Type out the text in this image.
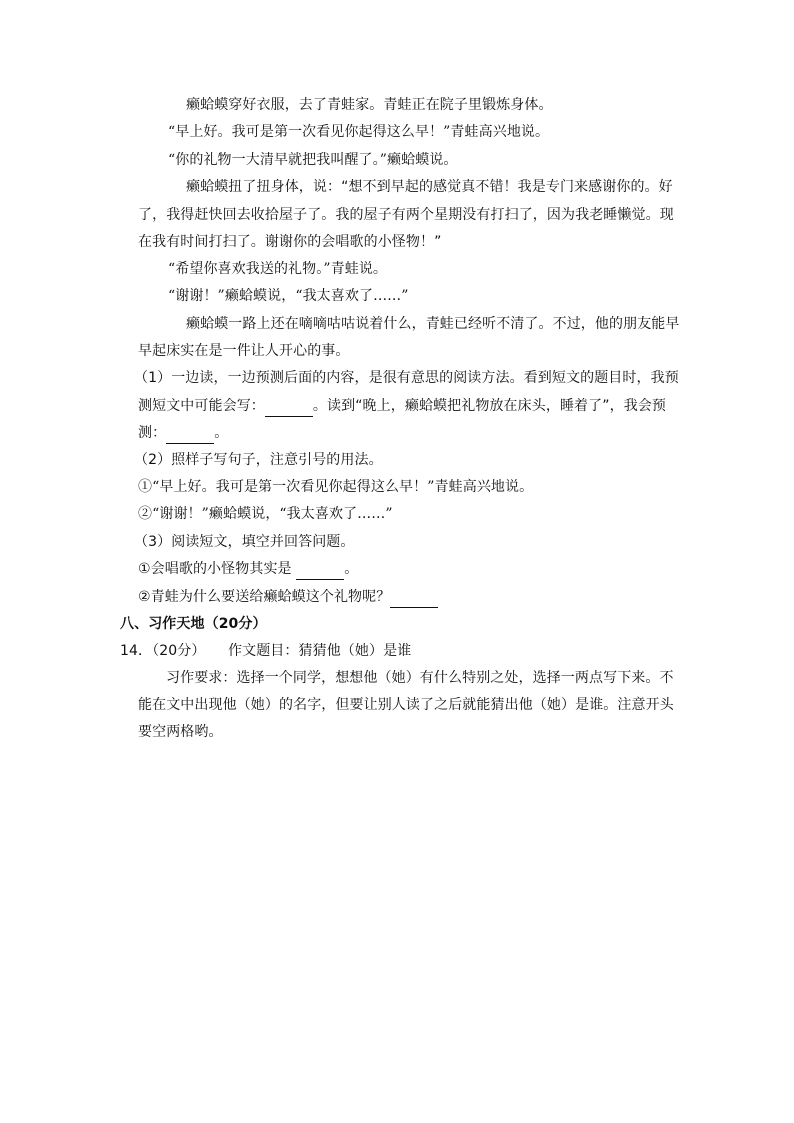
癞蛤蟆穿好衣服，去了青蛙家。青蛙正在院子里锻炼身体。
“早上好。我可是第一次看见你起得这么早！”青蛙高兴地说。
“你的礼物一大清早就把我叫醒了。”癞蛤蟆说。
癞蛤蟆扭了扭身体，说：“想不到早起的感觉真不错！我是专门来感谢你的。好
了，我得赶快回去收拾屋子了。我的屋子有两个星期没有打扫了，因为我老睡懒觉。现
在我有时间打扫了。谢谢你的会唱歌的小怪物！”
“希望你喜欢我送的礼物。”青蛙说。
“谢谢！”癞蛤蟆说，“我太喜欢了……”
癞蛤蟆一路上还在嘀嘀咕咕说着什么，青蛙已经听不清了。不过，他的朋友能早
早起床实在是一件让人开心的事。
（1）一边读，一边预测后面的内容，是很有意思的阅读方法。看到短文的题目时，我预
测短文中可能会写：	。读到“晚上，癞蛤蟆把礼物放在床头，睡着了”，我会预
测：	。
（2）照样子写句子，注意引号的用法。
①“早上好。我可是第一次看见你起得这么早！”青蛙高兴地说。
②“谢谢！”癞蛤蟆说，“我太喜欢了……”
（3）阅读短文，填空并回答问题。
①会唱歌的小怪物其实是	。
②青蛙为什么要送给癞蛤蟆这个礼物呢？
八、习作天地（20分）
14．（20分） 作文题目：猜猜他（她）是谁
习作要求：选择一个同学，想想他（她）有什么特别之处，选择一两点写下来。不
能在文中出现他（她）的名字，但要让别人读了之后就能猜出他（她）是谁。注意开头
要空两格哟。
